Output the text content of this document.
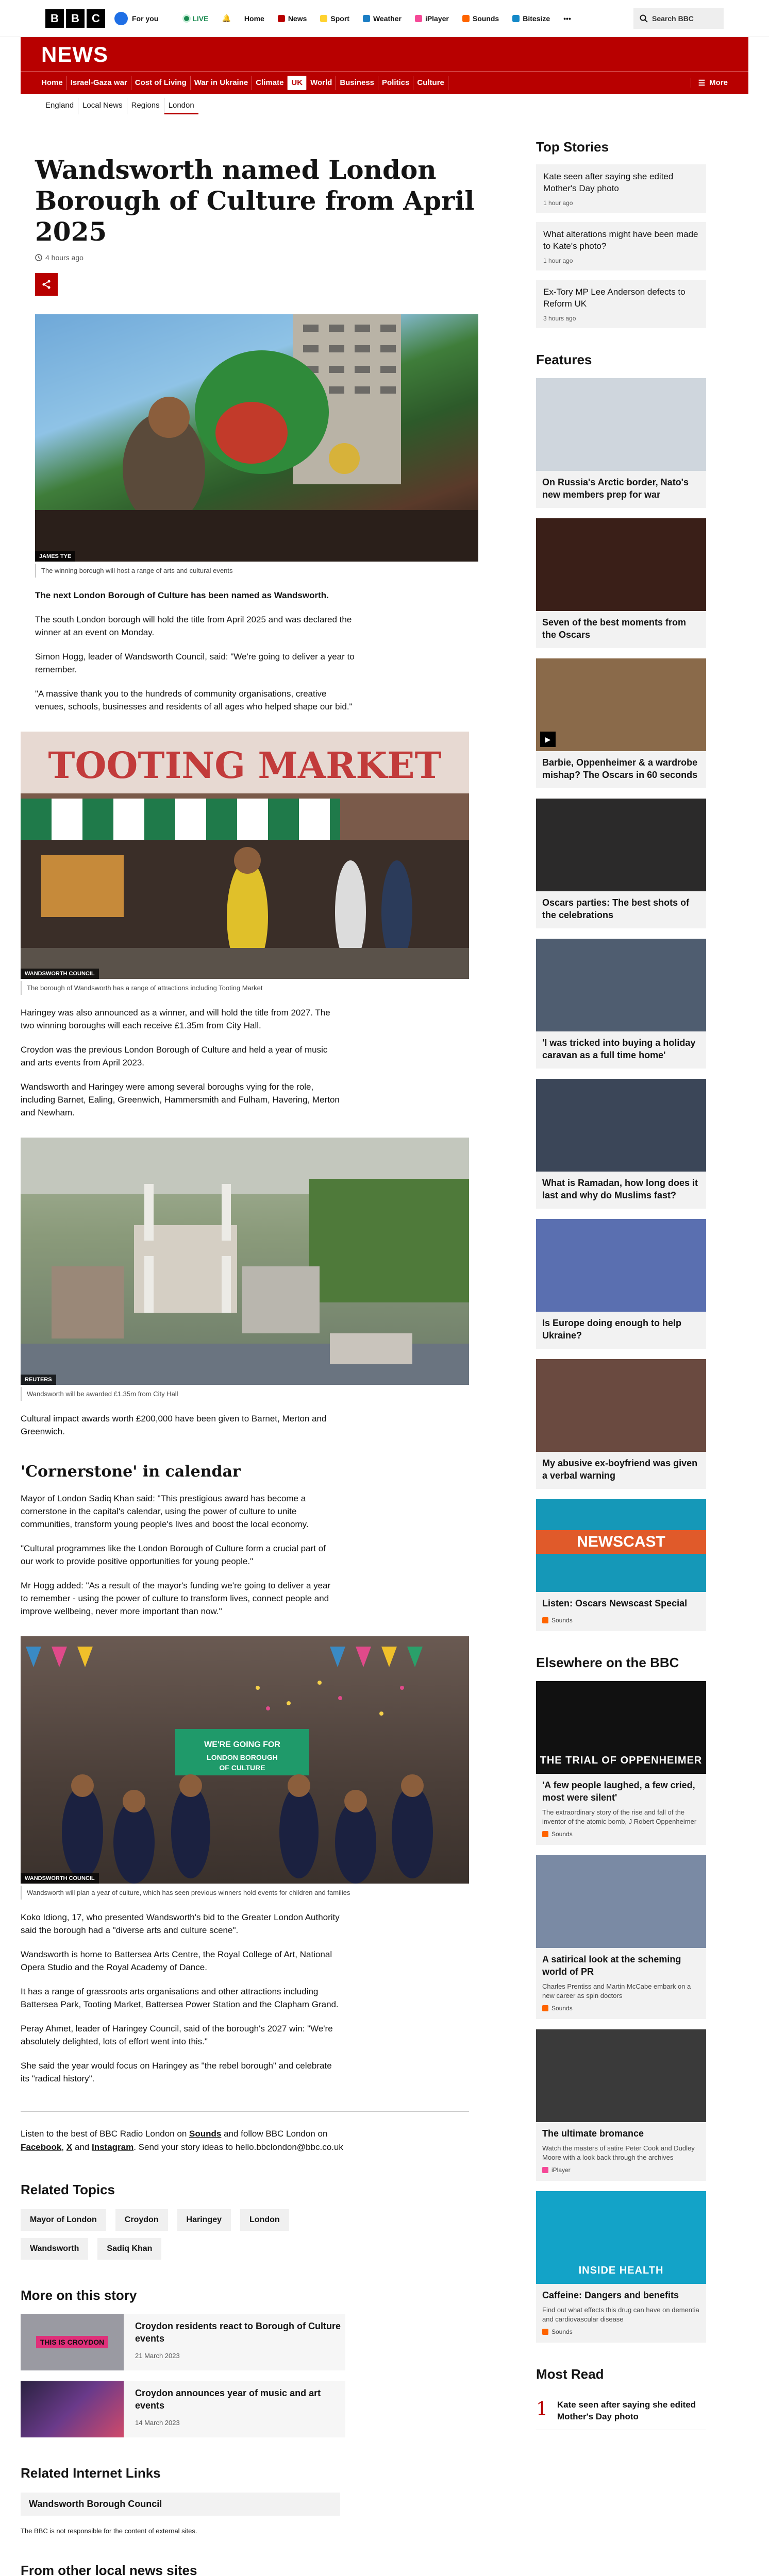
B	B	C	For you	LIVE 🔔 Home	News	Sport	Weather	iPlayer	Sounds	Bitesize •••	Search BBC
NEWS
Home	Israel-Gaza war	Cost of Living	War in Ukraine	Climate	UK	World	Business	Politics	Culture	☰ More
England	Local News	Regions	London
Wandsworth named London Borough of Culture from April 2025
4 hours ago
JAMES TYE
The winning borough will host a range of arts and cultural events

The next London Borough of Culture has been named as Wandsworth.

The south London borough will hold the title from April 2025 and was declared the winner at an event on Monday.

Simon Hogg, leader of Wandsworth Council, said: "We're going to deliver a year to remember.

"A massive thank you to the hundreds of community organisations, creative venues, schools, businesses and residents of all ages who helped shape our bid."

TOOTING MARKET
WANDSWORTH COUNCIL
The borough of Wandsworth has a range of attractions including Tooting Market

Haringey was also announced as a winner, and will hold the title from 2027. The two winning boroughs will each receive £1.35m from City Hall.

Croydon was the previous London Borough of Culture and held a year of music and arts events from April 2023.

Wandsworth and Haringey were among several boroughs vying for the role, including Barnet, Ealing, Greenwich, Hammersmith and Fulham, Havering, Merton and Newham.

REUTERS
Wandsworth will be awarded £1.35m from City Hall

Cultural impact awards worth £200,000 have been given to Barnet, Merton and Greenwich.

'Cornerstone' in calendar

Mayor of London Sadiq Khan said: "This prestigious award has become a cornerstone in the capital's calendar, using the power of culture to unite communities, transform young people's lives and boost the local economy.

"Cultural programmes like the London Borough of Culture form a crucial part of our work to provide positive opportunities for young people."

Mr Hogg added: "As a result of the mayor's funding we're going to deliver a year to remember - using the power of culture to transform lives, connect people and improve wellbeing, never more important than now."

WE'RE GOING FOR
LONDON BOROUGH
OF CULTURE
WANDSWORTH COUNCIL
Wandsworth will plan a year of culture, which has seen previous winners hold events for children and families

Koko Idiong, 17, who presented Wandsworth's bid to the Greater London Authority said the borough had a "diverse arts and culture scene".

Wandsworth is home to Battersea Arts Centre, the Royal College of Art, National Opera Studio and the Royal Academy of Dance.

It has a range of grassroots arts organisations and other attractions including Battersea Park, Tooting Market, Battersea Power Station and the Clapham Grand.

Peray Ahmet, leader of Haringey Council, said of the borough's 2027 win: "We're absolutely delighted, lots of effort went into this."

She said the year would focus on Haringey as "the rebel borough" and celebrate its "radical history".

Listen to the best of BBC Radio London on Sounds and follow BBC London on Facebook, X and Instagram. Send your story ideas to hello.bbclondon@bbc.co.uk

Related Topics
Mayor of London	Croydon	Haringey	London
Wandsworth	Sadiq Khan
More on this story
THIS IS CROYDON
Croydon residents react to Borough of Culture events
21 March 2023
Croydon announces year of music and art events
14 March 2023
Related Internet Links
Wandsworth Borough Council
The BBC is not responsible for the content of external sites.
From other local news sites
Top Stories
Kate seen after saying she edited Mother's Day photo
1 hour ago
What alterations might have been made to Kate's photo?
1 hour ago
Ex-Tory MP Lee Anderson defects to Reform UK
3 hours ago
Features
On Russia's Arctic border, Nato's new members prep for war
Seven of the best moments from the Oscars
▶
Barbie, Oppenheimer & a wardrobe mishap? The Oscars in 60 seconds
Oscars parties: The best shots of the celebrations
'I was tricked into buying a holiday caravan as a full time home'
What is Ramadan, how long does it last and why do Muslims fast?
Is Europe doing enough to help Ukraine?
My abusive ex-boyfriend was given a verbal warning
NEWSCAST
Listen: Oscars Newscast Special
Sounds
Elsewhere on the BBC
THE TRIAL OF OPPENHEIMER
'A few people laughed, a few cried, most were silent'
The extraordinary story of the rise and fall of the inventor of the atomic bomb, J Robert Oppenheimer
Sounds
A satirical look at the scheming world of PR
Charles Prentiss and Martin McCabe embark on a new career as spin doctors
Sounds
The ultimate bromance
Watch the masters of satire Peter Cook and Dudley Moore with a look back through the archives
iPlayer
INSIDE HEALTH
Caffeine: Dangers and benefits
Find out what effects this drug can have on dementia and cardiovascular disease
Sounds
Most Read
1 Kate seen after saying she edited Mother's Day photo
